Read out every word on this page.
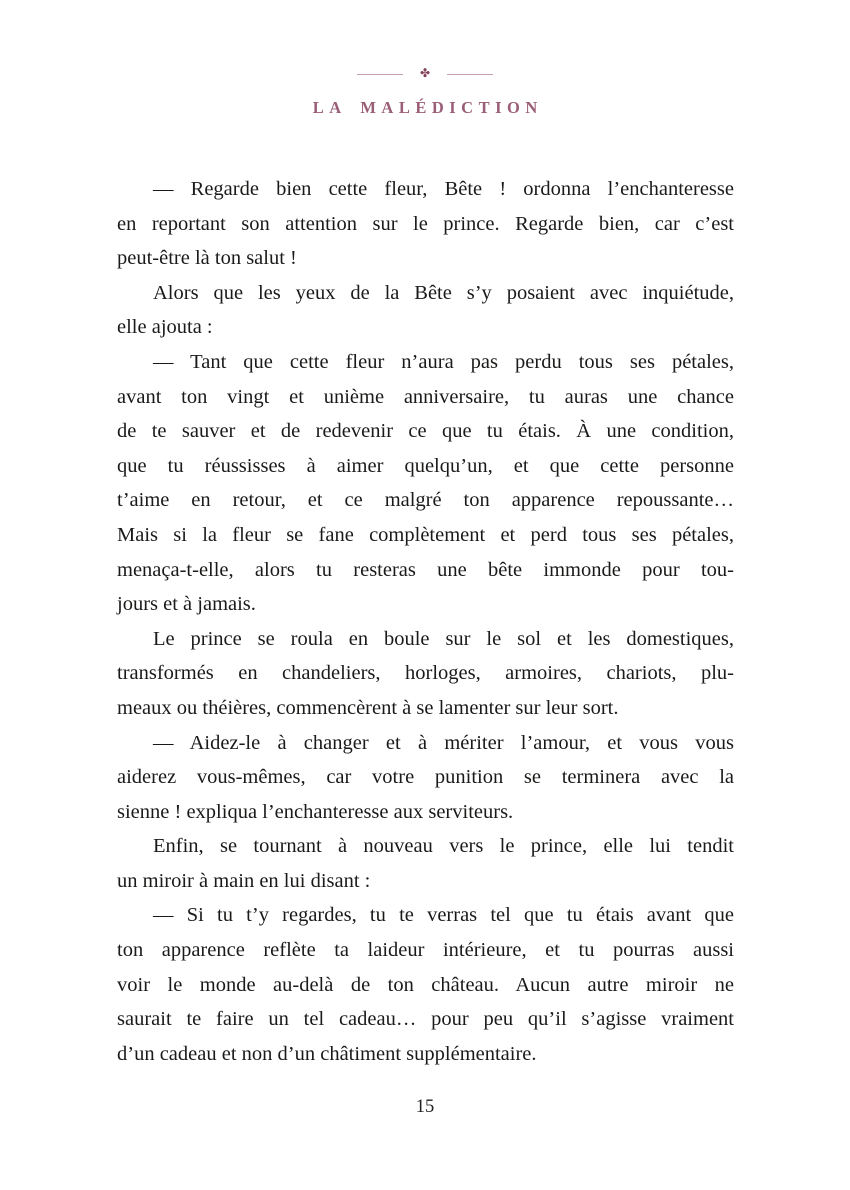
✤
LA MALÉDICTION
— Regarde bien cette fleur, Bête ! ordonna l’enchanteresse
en reportant son attention sur le prince. Regarde bien, car c’est
peut-être là ton salut !
Alors que les yeux de la Bête s’y posaient avec inquiétude,
elle ajouta :
— Tant que cette fleur n’aura pas perdu tous ses pétales,
avant ton vingt et unième anniversaire, tu auras une chance
de te sauver et de redevenir ce que tu étais. À une condition,
que tu réussisses à aimer quelqu’un, et que cette personne
t’aime en retour, et ce malgré ton apparence repoussante…
Mais si la fleur se fane complètement et perd tous ses pétales,
menaça-t-elle, alors tu resteras une bête immonde pour tou-
jours et à jamais.
Le prince se roula en boule sur le sol et les domestiques,
transformés en chandeliers, horloges, armoires, chariots, plu-
meaux ou théières, commencèrent à se lamenter sur leur sort.
— Aidez-le à changer et à mériter l’amour, et vous vous
aiderez vous-mêmes, car votre punition se terminera avec la
sienne ! expliqua l’enchanteresse aux serviteurs.
Enfin, se tournant à nouveau vers le prince, elle lui tendit
un miroir à main en lui disant :
— Si tu t’y regardes, tu te verras tel que tu étais avant que
ton apparence reflète ta laideur intérieure, et tu pourras aussi
voir le monde au-delà de ton château. Aucun autre miroir ne
saurait te faire un tel cadeau… pour peu qu’il s’agisse vraiment
d’un cadeau et non d’un châtiment supplémentaire.
15
